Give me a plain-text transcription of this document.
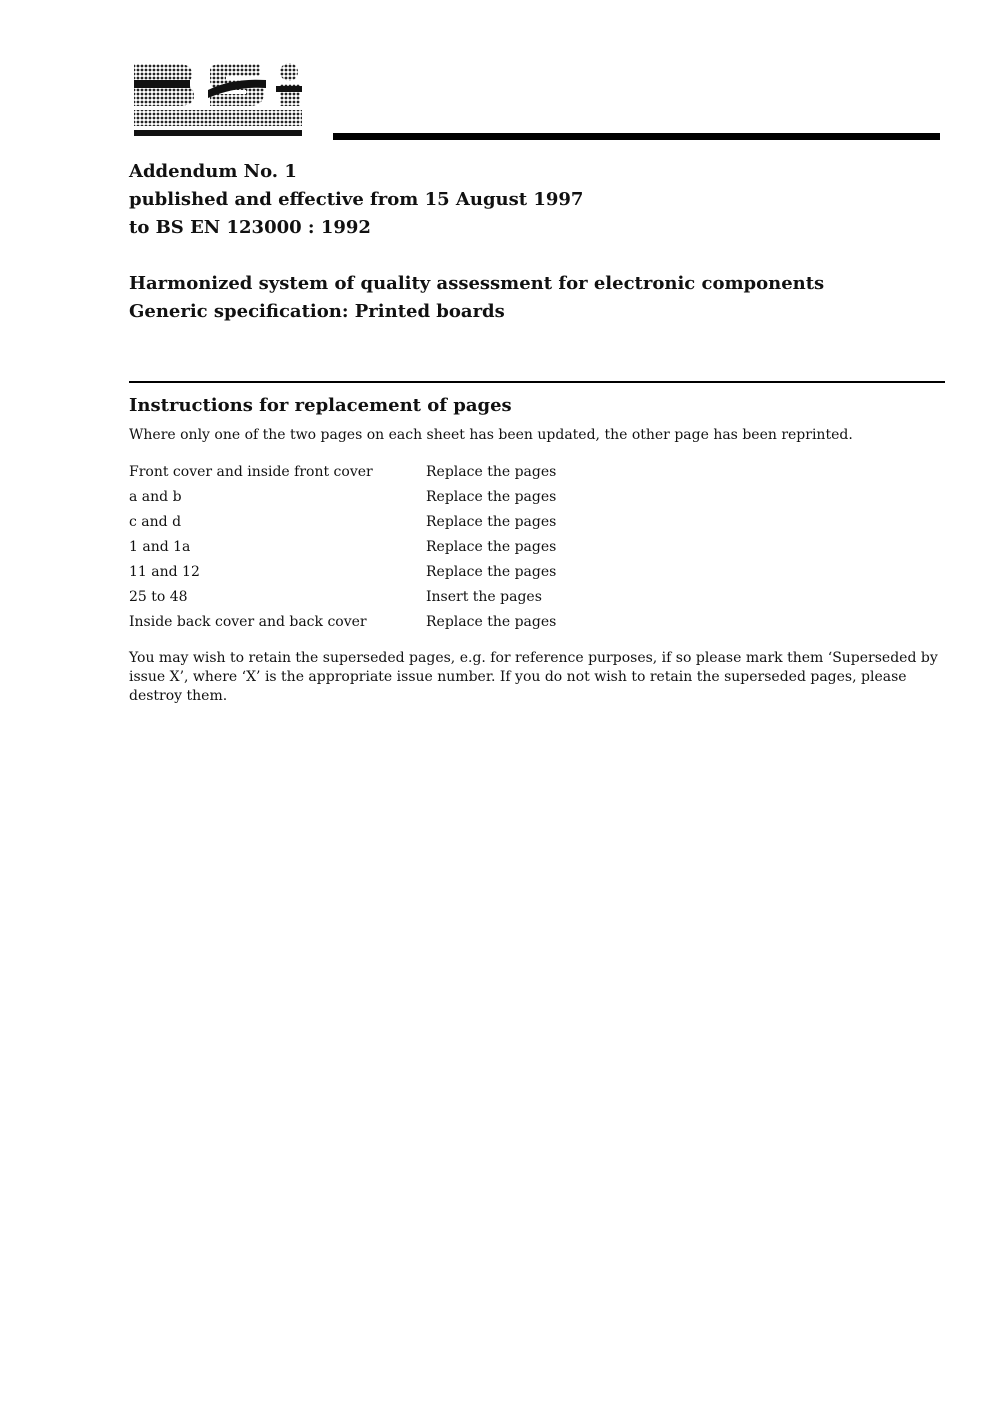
Addendum No. 1
published and effective from 15 August 1997
to BS EN 123000 : 1992
Harmonized system of quality assessment for electronic components
Generic specification: Printed boards
Instructions for replacement of pages
Where only one of the two pages on each sheet has been updated, the other page has been reprinted.
Front cover and inside front cover	Replace the pages
a and b	Replace the pages
c and d	Replace the pages
1 and 1a	Replace the pages
11 and 12	Replace the pages
25 to 48	Insert the pages
Inside back cover and back cover	Replace the pages
You may wish to retain the superseded pages, e.g. for reference purposes, if so please mark them ‘Superseded by issue X’, where ‘X’ is the appropriate issue number. If you do not wish to retain the superseded pages, please destroy them.
